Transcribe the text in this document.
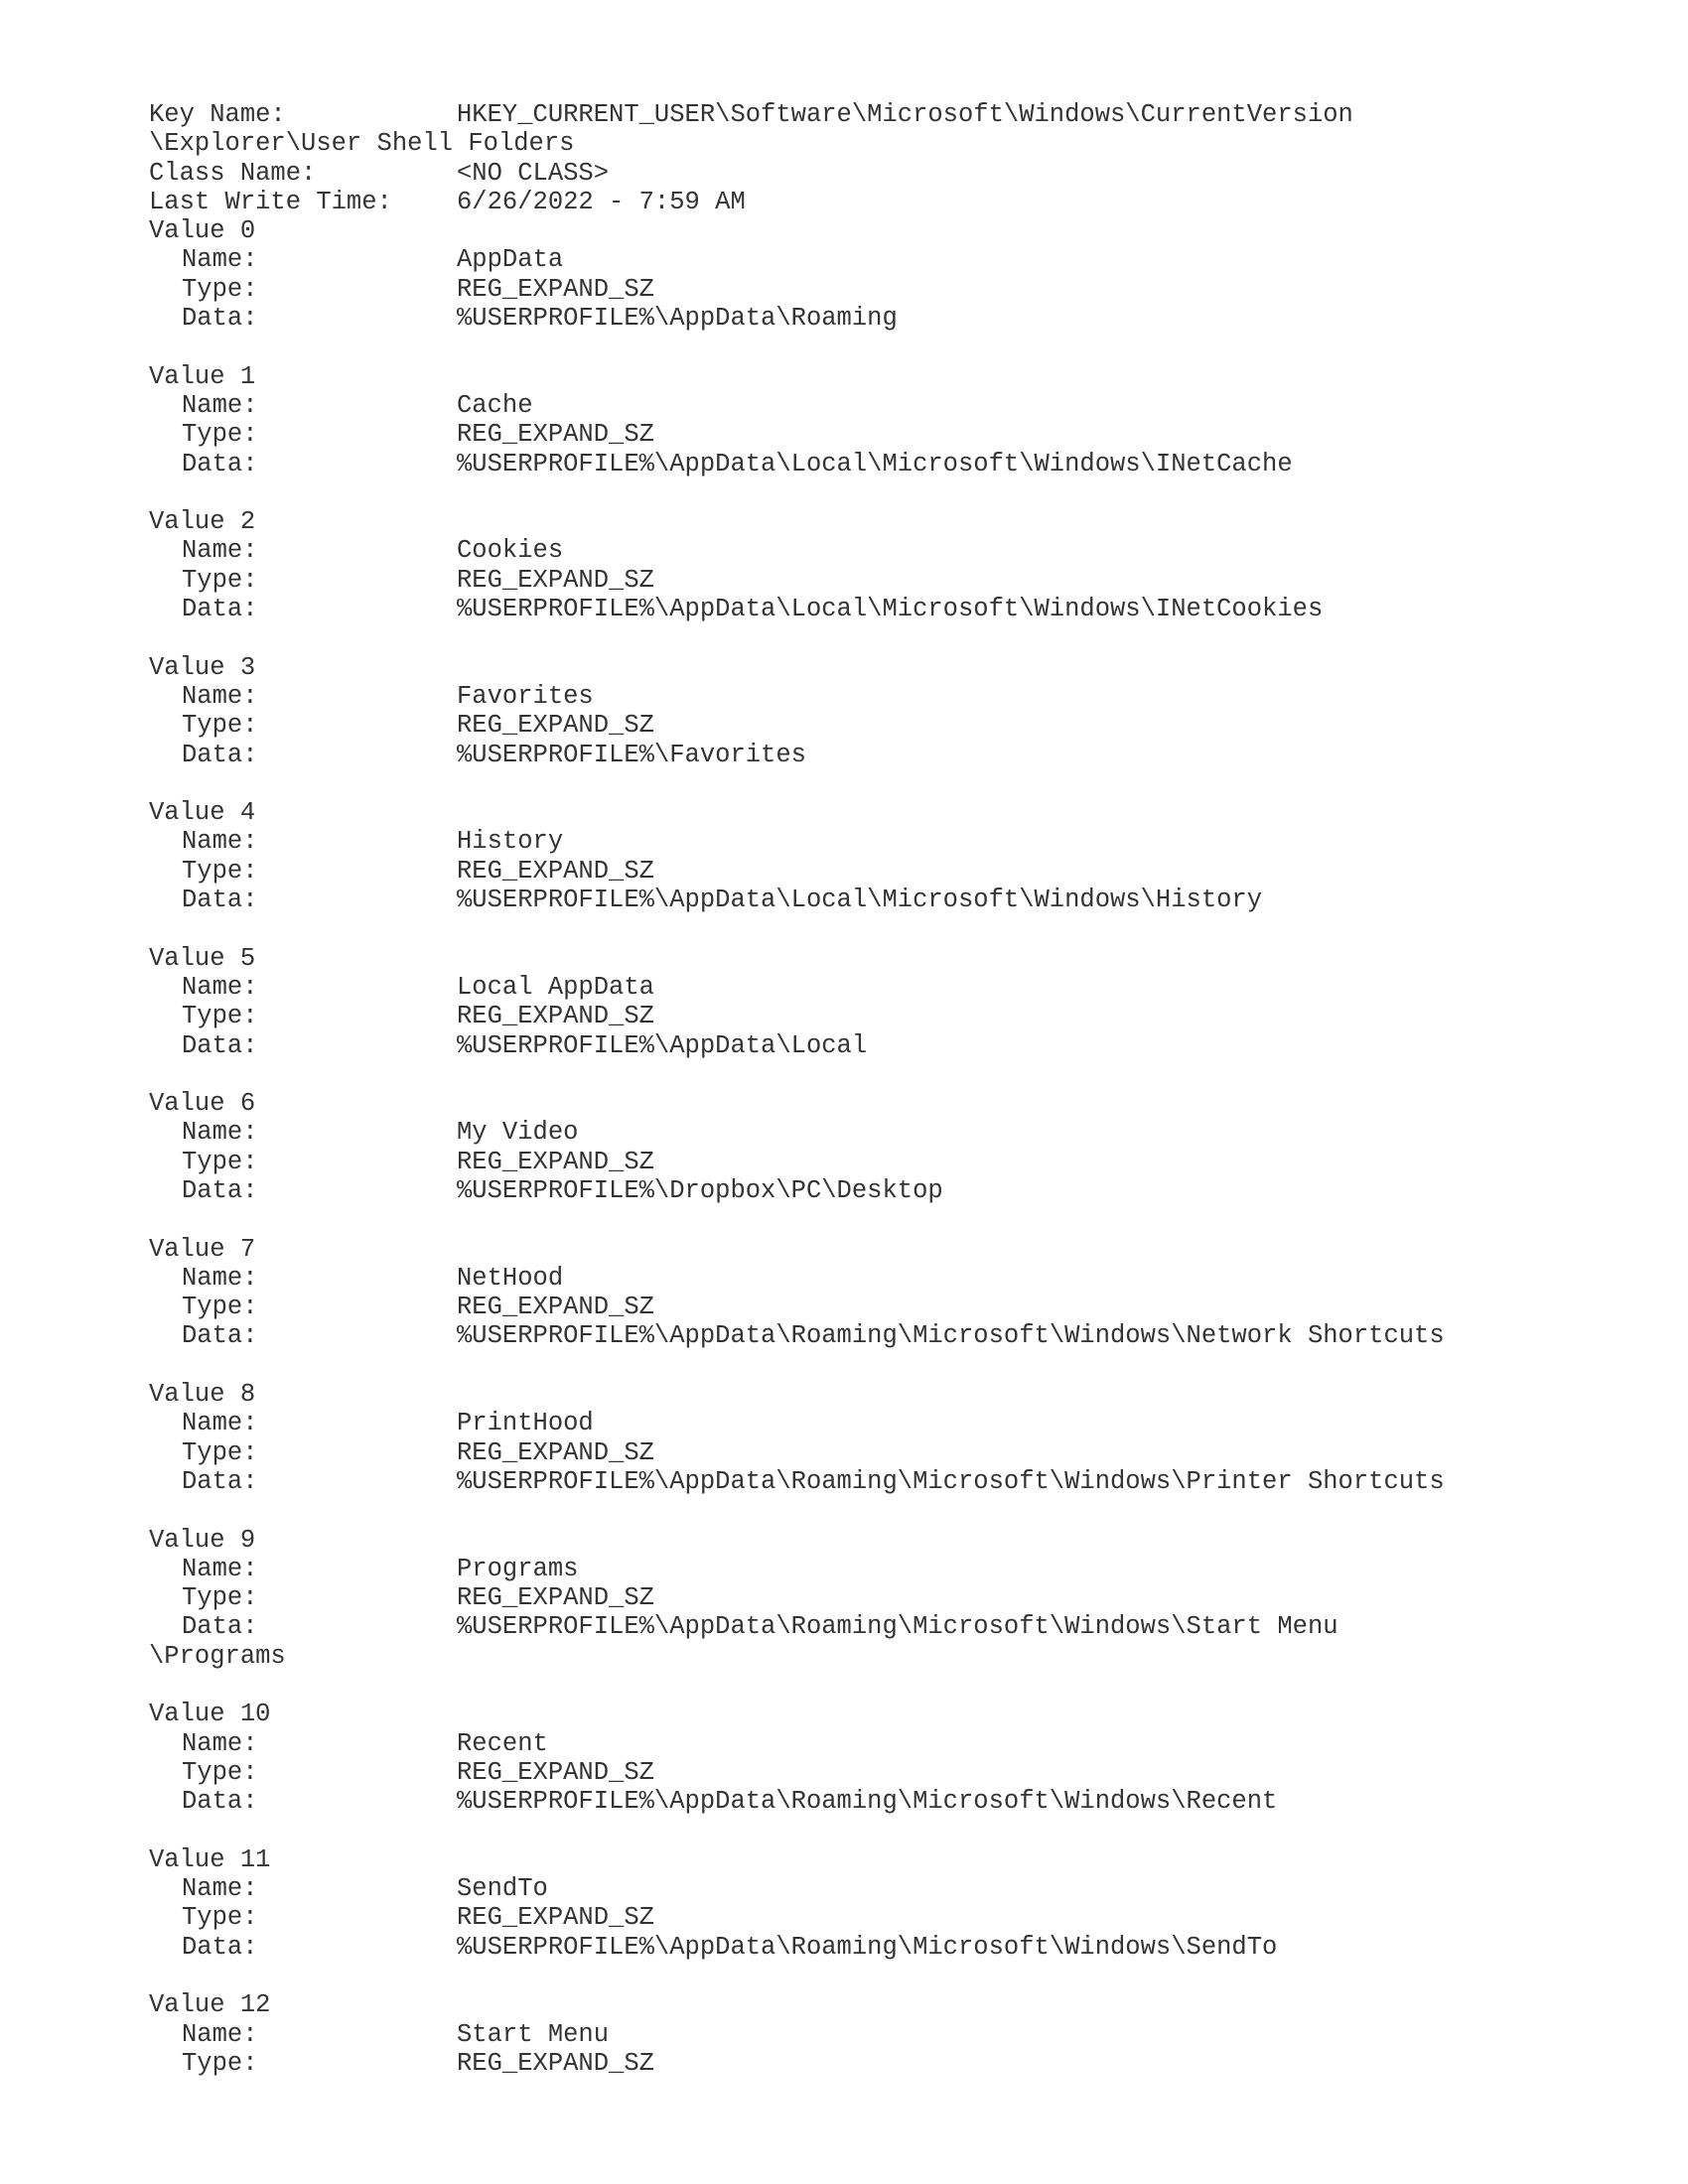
Key Name:	HKEY_CURRENT_USER\Software\Microsoft\Windows\CurrentVersion
\Explorer\User Shell Folders
Class Name:	<NO CLASS>
Last Write Time:	6/26/2022 - 7:59 AM
Value 0
Name:	AppData
Type:	REG_EXPAND_SZ
Data:	%USERPROFILE%\AppData\Roaming
Value 1
Name:	Cache
Type:	REG_EXPAND_SZ
Data:	%USERPROFILE%\AppData\Local\Microsoft\Windows\INetCache
Value 2
Name:	Cookies
Type:	REG_EXPAND_SZ
Data:	%USERPROFILE%\AppData\Local\Microsoft\Windows\INetCookies
Value 3
Name:	Favorites
Type:	REG_EXPAND_SZ
Data:	%USERPROFILE%\Favorites
Value 4
Name:	History
Type:	REG_EXPAND_SZ
Data:	%USERPROFILE%\AppData\Local\Microsoft\Windows\History
Value 5
Name:	Local AppData
Type:	REG_EXPAND_SZ
Data:	%USERPROFILE%\AppData\Local
Value 6
Name:	My Video
Type:	REG_EXPAND_SZ
Data:	%USERPROFILE%\Dropbox\PC\Desktop
Value 7
Name:	NetHood
Type:	REG_EXPAND_SZ
Data:	%USERPROFILE%\AppData\Roaming\Microsoft\Windows\Network Shortcuts
Value 8
Name:	PrintHood
Type:	REG_EXPAND_SZ
Data:	%USERPROFILE%\AppData\Roaming\Microsoft\Windows\Printer Shortcuts
Value 9
Name:	Programs
Type:	REG_EXPAND_SZ
Data:	%USERPROFILE%\AppData\Roaming\Microsoft\Windows\Start Menu
\Programs
Value 10
Name:	Recent
Type:	REG_EXPAND_SZ
Data:	%USERPROFILE%\AppData\Roaming\Microsoft\Windows\Recent
Value 11
Name:	SendTo
Type:	REG_EXPAND_SZ
Data:	%USERPROFILE%\AppData\Roaming\Microsoft\Windows\SendTo
Value 12
Name:	Start Menu
Type:	REG_EXPAND_SZ
